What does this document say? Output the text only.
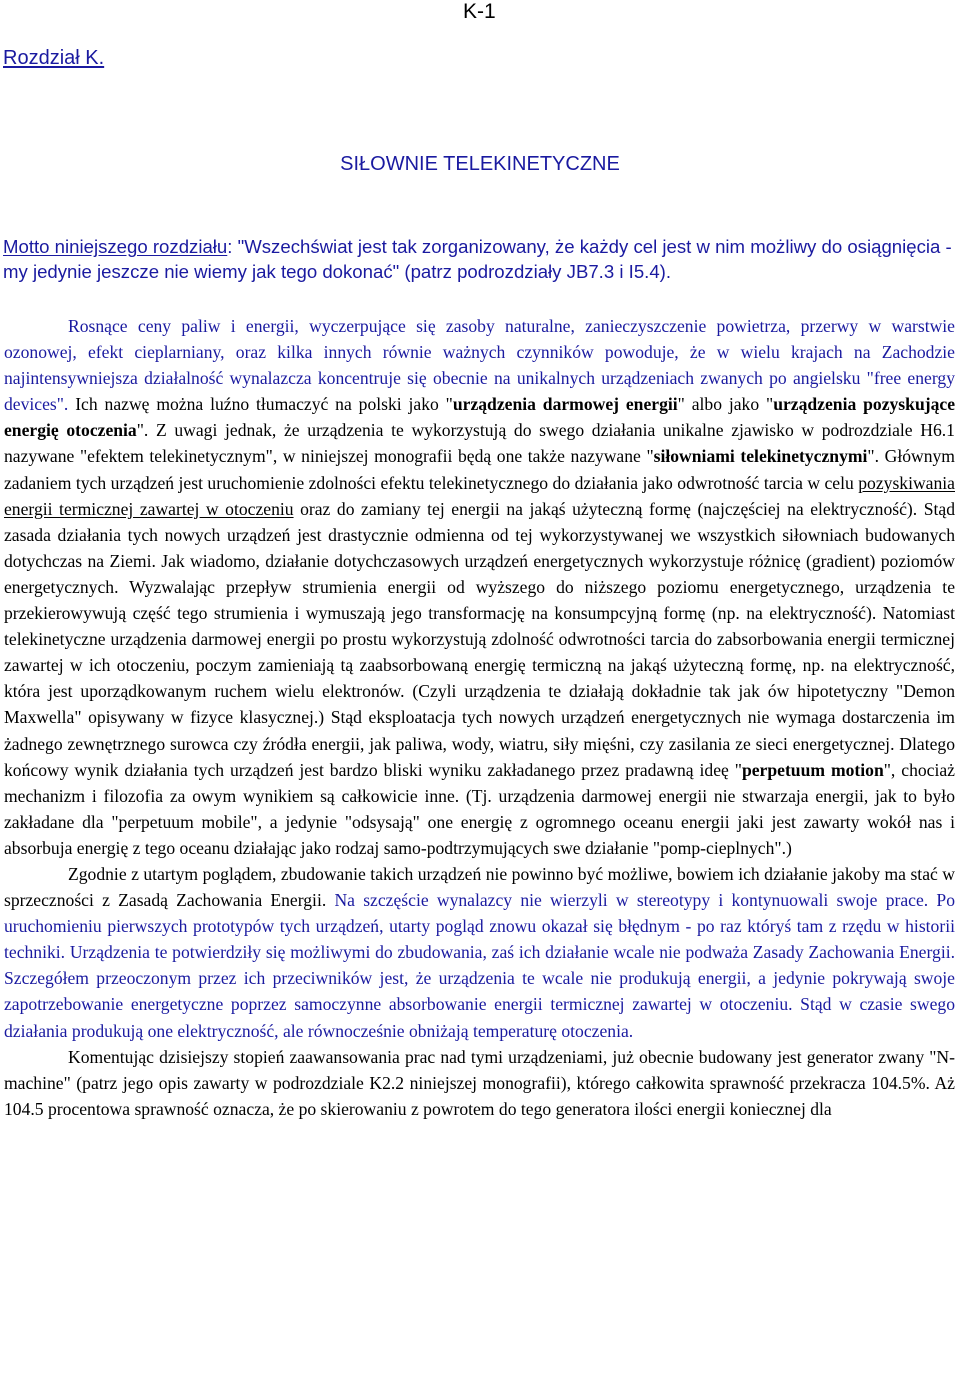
K-1
Rozdział K.
SIŁOWNIE TELEKINETYCZNE
Motto niniejszego rozdziału: "Wszechświat jest tak zorganizowany, że każdy cel jest w nim możliwy do osiągnięcia - my jedynie jeszcze nie wiemy jak tego dokonać" (patrz podrozdziały JB7.3 i I5.4).

Rosnące ceny paliw i energii, wyczerpujące się zasoby naturalne, zanieczyszczenie powietrza, przerwy w warstwie ozonowej, efekt cieplarniany, oraz kilka innych równie ważnych czynników powoduje, że w wielu krajach na Zachodzie najintensywniejsza działalność wynalazcza koncentruje się obecnie na unikalnych urządzeniach zwanych po angielsku "free energy devices". Ich nazwę można luźno tłumaczyć na polski jako "urządzenia darmowej energii" albo jako "urządzenia pozyskujące energię otoczenia". Z uwagi jednak, że urządzenia te wykorzystują do swego działania unikalne zjawisko w podrozdziale H6.1 nazywane "efektem telekinetycznym", w niniejszej monografii będą one także nazywane "siłowniami telekinetycznymi". Głównym zadaniem tych urządzeń jest uruchomienie zdolności efektu telekinetycznego do działania jako odwrotność tarcia w celu pozyskiwania energii termicznej zawartej w otoczeniu oraz do zamiany tej energii na jakąś użyteczną formę (najczęściej na elektryczność). Stąd zasada działania tych nowych urządzeń jest drastycznie odmienna od tej wykorzystywanej we wszystkich siłowniach budowanych dotychczas na Ziemi. Jak wiadomo, działanie dotychczasowych urządzeń energetycznych wykorzystuje różnicę (gradient) poziomów energetycznych. Wyzwalając przepływ strumienia energii od wyższego do niższego poziomu energetycznego, urządzenia te przekierowywują część tego strumienia i wymuszają jego transformację na konsumpcyjną formę (np. na elektryczność). Natomiast telekinetyczne urządzenia darmowej energii po prostu wykorzystują zdolność odwrotności tarcia do zabsorbowania energii termicznej zawartej w ich otoczeniu, poczym zamieniają tą zaabsorbowaną energię termiczną na jakąś użyteczną formę, np. na elektryczność, która jest uporządkowanym ruchem wielu elektronów. (Czyli urządzenia te działają dokładnie tak jak ów hipotetyczny "Demon Maxwella" opisywany w fizyce klasycznej.) Stąd eksploatacja tych nowych urządzeń energetycznych nie wymaga dostarczenia im żadnego zewnętrznego surowca czy źródła energii, jak paliwa, wody, wiatru, siły mięśni, czy zasilania ze sieci energetycznej. Dlatego końcowy wynik działania tych urządzeń jest bardzo bliski wyniku zakładanego przez pradawną ideę "perpetuum motion", chociaż mechanizm i filozofia za owym wynikiem są całkowicie inne. (Tj. urządzenia darmowej energii nie stwarzaja energii, jak to było zakładane dla "perpetuum mobile", a jedynie "odsysają" one energię z ogromnego oceanu energii jaki jest zawarty wokół nas i absorbuja energię z tego oceanu działając jako rodzaj samo-podtrzymujących swe działanie "pomp-cieplnych".)

Zgodnie z utartym poglądem, zbudowanie takich urządzeń nie powinno być możliwe, bowiem ich działanie jakoby ma stać w sprzeczności z Zasadą Zachowania Energii. Na szczęście wynalazcy nie wierzyli w stereotypy i kontynuowali swoje prace. Po uruchomieniu pierwszych prototypów tych urządzeń, utarty pogląd znowu okazał się błędnym - po raz któryś tam z rzędu w historii techniki. Urządzenia te potwierdziły się możliwymi do zbudowania, zaś ich działanie wcale nie podważa Zasady Zachowania Energii. Szczegółem przeoczonym przez ich przeciwników jest, że urządzenia te wcale nie produkują energii, a jedynie pokrywają swoje zapotrzebowanie energetyczne poprzez samoczynne absorbowanie energii termicznej zawartej w otoczeniu. Stąd w czasie swego działania produkują one elektryczność, ale równocześnie obniżają temperaturę otoczenia.

Komentując dzisiejszy stopień zaawansowania prac nad tymi urządzeniami, już obecnie budowany jest generator zwany "N-machine" (patrz jego opis zawarty w podrozdziale K2.2 niniejszej monografii), którego całkowita sprawność przekracza 104.5%. Aż 104.5 procentowa sprawność oznacza, że po skierowaniu z powrotem do tego generatora ilości energii koniecznej dla
